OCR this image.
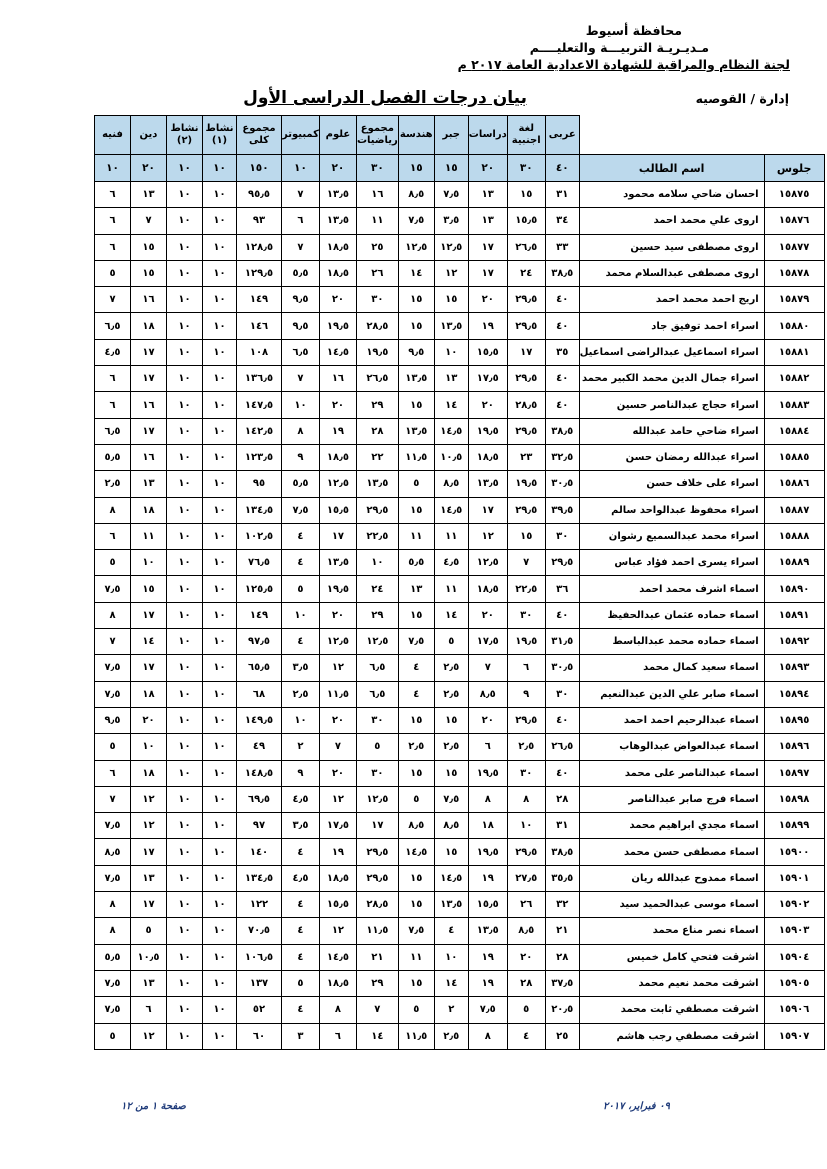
محافظة أسيوط
مـديـريـة التربيـــة والتعليــــم
لجنة النظام والمراقبة للشهادة الاعدادية العامة ٢٠١٧ م
إدارة / القوصيه
بيان درجات الفصل الدراسى الأول
		عربى	لغة اجنبية	دراسات	جبر	هندسة	مجموع رياضيات	علوم	كمبيوتر	مجموع كلى	نشاط (١)	نشاط (٢)	دين	فنيه
جلوس	اسم الطالب	٤٠	٣٠	٢٠	١٥	١٥	٣٠	٢٠	١٠	١٥٠	١٠	١٠	٢٠	١٠
١٥٨٧٥	احسان ضاحي سلامه محمود	٣١	١٥	١٣	٧٫٥	٨٫٥	١٦	١٣٫٥	٧	٩٥٫٥	١٠	١٠	١٣	٦
١٥٨٧٦	اروى علي محمد احمد	٣٤	١٥٫٥	١٣	٣٫٥	٧٫٥	١١	١٣٫٥	٦	٩٣	١٠	١٠	٧	٦
١٥٨٧٧	اروى مصطفى سيد حسين	٣٣	٢٦٫٥	١٧	١٢٫٥	١٢٫٥	٢٥	١٨٫٥	٧	١٢٨٫٥	١٠	١٠	١٥	٦
١٥٨٧٨	اروى مصطفى عبدالسلام محمد	٣٨٫٥	٢٤	١٧	١٢	١٤	٢٦	١٨٫٥	٥٫٥	١٢٩٫٥	١٠	١٠	١٥	٥
١٥٨٧٩	اريج احمد محمد احمد	٤٠	٢٩٫٥	٢٠	١٥	١٥	٣٠	٢٠	٩٫٥	١٤٩	١٠	١٠	١٦	٧
١٥٨٨٠	اسراء احمد توفيق جاد	٤٠	٢٩٫٥	١٩	١٣٫٥	١٥	٢٨٫٥	١٩٫٥	٩٫٥	١٤٦	١٠	١٠	١٨	٦٫٥
١٥٨٨١	اسراء اسماعيل عبدالراضى اسماعيل	٣٥	١٧	١٥٫٥	١٠	٩٫٥	١٩٫٥	١٤٫٥	٦٫٥	١٠٨	١٠	١٠	١٧	٤٫٥
١٥٨٨٢	اسراء جمال الدين محمد الكبير محمد	٤٠	٢٩٫٥	١٧٫٥	١٣	١٣٫٥	٢٦٫٥	١٦	٧	١٣٦٫٥	١٠	١٠	١٧	٦
١٥٨٨٣	اسراء حجاج عبدالناصر حسين	٤٠	٢٨٫٥	٢٠	١٤	١٥	٢٩	٢٠	١٠	١٤٧٫٥	١٠	١٠	١٦	٦
١٥٨٨٤	اسراء ضاحي حامد عبدالله	٣٨٫٥	٢٩٫٥	١٩٫٥	١٤٫٥	١٣٫٥	٢٨	١٩	٨	١٤٢٫٥	١٠	١٠	١٧	٦٫٥
١٥٨٨٥	اسراء عبدالله رمضان حسن	٣٢٫٥	٢٣	١٨٫٥	١٠٫٥	١١٫٥	٢٢	١٨٫٥	٩	١٢٣٫٥	١٠	١٠	١٦	٥٫٥
١٥٨٨٦	اسراء على خلاف حسن	٣٠٫٥	١٩٫٥	١٣٫٥	٨٫٥	٥	١٣٫٥	١٢٫٥	٥٫٥	٩٥	١٠	١٠	١٣	٢٫٥
١٥٨٨٧	اسراء محفوظ عبدالواحد سالم	٣٩٫٥	٢٩٫٥	١٧	١٤٫٥	١٥	٢٩٫٥	١٥٫٥	٧٫٥	١٣٤٫٥	١٠	١٠	١٨	٨
١٥٨٨٨	اسراء محمد عبدالسميع رشوان	٣٠	١٥	١٢	١١	١١	٢٢٫٥	١٧	٤	١٠٢٫٥	١٠	١٠	١١	٦
١٥٨٨٩	اسراء يسرى احمد فؤاد عباس	٢٩٫٥	٧	١٢٫٥	٤٫٥	٥٫٥	١٠	١٣٫٥	٤	٧٦٫٥	١٠	١٠	١٠	٥
١٥٨٩٠	اسماء اشرف محمد احمد	٣٦	٢٢٫٥	١٨٫٥	١١	١٣	٢٤	١٩٫٥	٥	١٢٥٫٥	١٠	١٠	١٥	٧٫٥
١٥٨٩١	اسماء حماده عثمان عبدالحفيظ	٤٠	٣٠	٢٠	١٤	١٥	٢٩	٢٠	١٠	١٤٩	١٠	١٠	١٧	٨
١٥٨٩٢	اسماء حماده محمد عبدالباسط	٣١٫٥	١٩٫٥	١٧٫٥	٥	٧٫٥	١٢٫٥	١٢٫٥	٤	٩٧٫٥	١٠	١٠	١٤	٧
١٥٨٩٣	اسماء سعيد كمال محمد	٣٠٫٥	٦	٧	٢٫٥	٤	٦٫٥	١٢	٣٫٥	٦٥٫٥	١٠	١٠	١٧	٧٫٥
١٥٨٩٤	اسماء صابر علي الدين عبدالنعيم	٣٠	٩	٨٫٥	٢٫٥	٤	٦٫٥	١١٫٥	٢٫٥	٦٨	١٠	١٠	١٨	٧٫٥
١٥٨٩٥	اسماء عبدالرحيم احمد احمد	٤٠	٢٩٫٥	٢٠	١٥	١٥	٣٠	٢٠	١٠	١٤٩٫٥	١٠	١٠	٢٠	٩٫٥
١٥٨٩٦	اسماء عبدالعواض عبدالوهاب	٢٦٫٥	٢٫٥	٦	٢٫٥	٢٫٥	٥	٧	٢	٤٩	١٠	١٠	١٠	٥
١٥٨٩٧	اسماء عبدالناصر على محمد	٤٠	٣٠	١٩٫٥	١٥	١٥	٣٠	٢٠	٩	١٤٨٫٥	١٠	١٠	١٨	٦
١٥٨٩٨	اسماء فرج صابر عبدالناصر	٢٨	٨	٨	٧٫٥	٥	١٢٫٥	١٢	٤٫٥	٦٩٫٥	١٠	١٠	١٢	٧
١٥٨٩٩	اسماء مجدي ابراهيم محمد	٣١	١٠	١٨	٨٫٥	٨٫٥	١٧	١٧٫٥	٣٫٥	٩٧	١٠	١٠	١٢	٧٫٥
١٥٩٠٠	اسماء مصطفى حسن محمد	٣٨٫٥	٢٩٫٥	١٩٫٥	١٥	١٤٫٥	٢٩٫٥	١٩	٤	١٤٠	١٠	١٠	١٧	٨٫٥
١٥٩٠١	اسماء ممدوح عبدالله ريان	٣٥٫٥	٢٧٫٥	١٩	١٤٫٥	١٥	٢٩٫٥	١٨٫٥	٤٫٥	١٣٤٫٥	١٠	١٠	١٣	٧٫٥
١٥٩٠٢	اسماء موسى عبدالحميد سيد	٣٢	٢٦	١٥٫٥	١٣٫٥	١٥	٢٨٫٥	١٥٫٥	٤	١٢٢	١٠	١٠	١٧	٨
١٥٩٠٣	اسماء نصر مناع محمد	٢١	٨٫٥	١٣٫٥	٤	٧٫٥	١١٫٥	١٢	٤	٧٠٫٥	١٠	١٠	٥	٨
١٥٩٠٤	اشرقت فتحي كامل خميس	٢٨	٢٠	١٩	١٠	١١	٢١	١٤٫٥	٤	١٠٦٫٥	١٠	١٠	١٠٫٥	٥٫٥
١٥٩٠٥	اشرقت محمد نعيم محمد	٣٧٫٥	٢٨	١٩	١٤	١٥	٢٩	١٨٫٥	٥	١٣٧	١٠	١٠	١٣	٧٫٥
١٥٩٠٦	اشرقت مصطفي ثابت محمد	٢٠٫٥	٥	٧٫٥	٢	٥	٧	٨	٤	٥٢	١٠	١٠	٦	٧٫٥
١٥٩٠٧	اشرقت مصطفي رجب هاشم	٢٥	٤	٨	٢٫٥	١١٫٥	١٤	٦	٣	٦٠	١٠	١٠	١٢	٥
٠٩ فبراير، ٢٠١٧
صفحة ١ من ١٢
